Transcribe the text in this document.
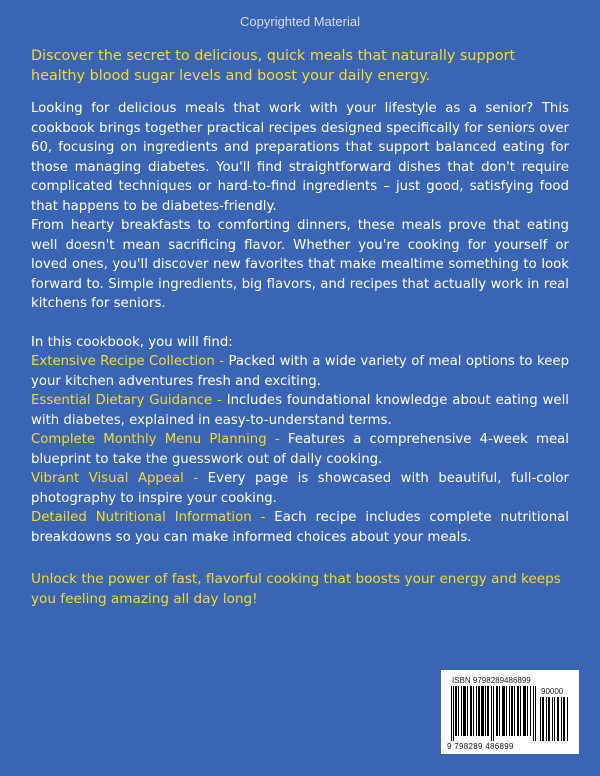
Copyrighted Material

Discover the secret to delicious, quick meals that naturally support healthy blood sugar levels and boost your daily energy.

Looking for delicious meals that work with your lifestyle as a senior? This cookbook brings together practical recipes designed specifically for seniors over 60, focusing on ingredients and preparations that support balanced eating for those managing diabetes. You'll find straightforward dishes that don't require complicated techniques or hard-to-find ingredients – just good, satisfying food that happens to be diabetes-friendly.

From hearty breakfasts to comforting dinners, these meals prove that eating well doesn't mean sacrificing flavor. Whether you're cooking for yourself or loved ones, you'll discover new favorites that make mealtime something to look forward to. Simple ingredients, big flavors, and recipes that actually work in real kitchens for seniors.

In this cookbook, you will find:

Extensive Recipe Collection - Packed with a wide variety of meal options to keep your kitchen adventures fresh and exciting.

Essential Dietary Guidance - Includes foundational knowledge about eating well with diabetes, explained in easy-to-understand terms.

Complete Monthly Menu Planning - Features a comprehensive 4-week meal blueprint to take the guesswork out of daily cooking.

Vibrant Visual Appeal - Every page is showcased with beautiful, full-color photography to inspire your cooking.

Detailed Nutritional Information - Each recipe includes complete nutritional breakdowns so you can make informed choices about your meals.

Unlock the power of fast, flavorful cooking that boosts your energy and keeps you feeling amazing all day long!

ISBN 9798289486899
90000
9 798289 486899
